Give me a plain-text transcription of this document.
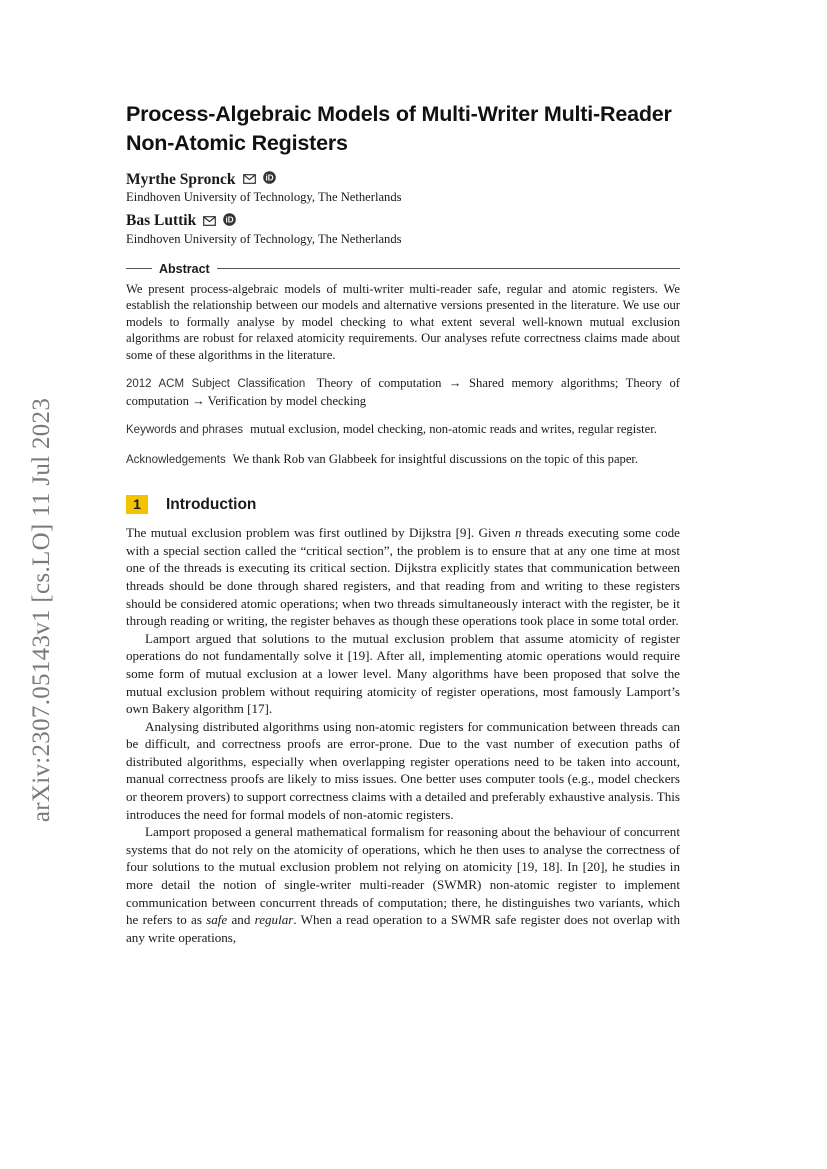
arXiv:2307.05143v1 [cs.LO] 11 Jul 2023
Process-Algebraic Models of Multi-Writer Multi-Reader Non-Atomic Registers
Myrthe Spronck	iD
Eindhoven University of Technology, The Netherlands
Bas Luttik	iD
Eindhoven University of Technology, The Netherlands
Abstract

We present process-algebraic models of multi-writer multi-reader safe, regular and atomic registers. We establish the relationship between our models and alternative versions presented in the literature. We use our models to formally analyse by model checking to what extent several well-known mutual exclusion algorithms are robust for relaxed atomicity requirements. Our analyses refute correctness claims made about some of these algorithms in the literature.

2012 ACM Subject Classification Theory of computation → Shared memory algorithms; Theory of computation → Verification by model checking

Keywords and phrases mutual exclusion, model checking, non-atomic reads and writes, regular register.

Acknowledgements We thank Rob van Glabbeek for insightful discussions on the topic of this paper.

1	Introduction

The mutual exclusion problem was first outlined by Dijkstra [9]. Given n threads executing some code with a special section called the “critical section”, the problem is to ensure that at any one time at most one of the threads is executing its critical section. Dijkstra explicitly states that communication between threads should be done through shared registers, and that reading from and writing to these registers should be considered atomic operations; when two threads simultaneously interact with the register, be it through reading or writing, the register behaves as though these operations took place in some total order.

Lamport argued that solutions to the mutual exclusion problem that assume atomicity of register operations do not fundamentally solve it [19]. After all, implementing atomic operations would require some form of mutual exclusion at a lower level. Many algorithms have been proposed that solve the mutual exclusion problem without requiring atomicity of register operations, most famously Lamport’s own Bakery algorithm [17].

Analysing distributed algorithms using non-atomic registers for communication between threads can be difficult, and correctness proofs are error-prone. Due to the vast number of execution paths of distributed algorithms, especially when overlapping register operations need to be taken into account, manual correctness proofs are likely to miss issues. One better uses computer tools (e.g., model checkers or theorem provers) to support correctness claims with a detailed and preferably exhaustive analysis. This introduces the need for formal models of non-atomic registers.

Lamport proposed a general mathematical formalism for reasoning about the behaviour of concurrent systems that do not rely on the atomicity of operations, which he then uses to analyse the correctness of four solutions to the mutual exclusion problem not relying on atomicity [19, 18]. In [20], he studies in more detail the notion of single-writer multi-reader (SWMR) non-atomic register to implement communication between concurrent threads of computation; there, he distinguishes two variants, which he refers to as safe and regular. When a read operation to a SWMR safe register does not overlap with any write operations,
